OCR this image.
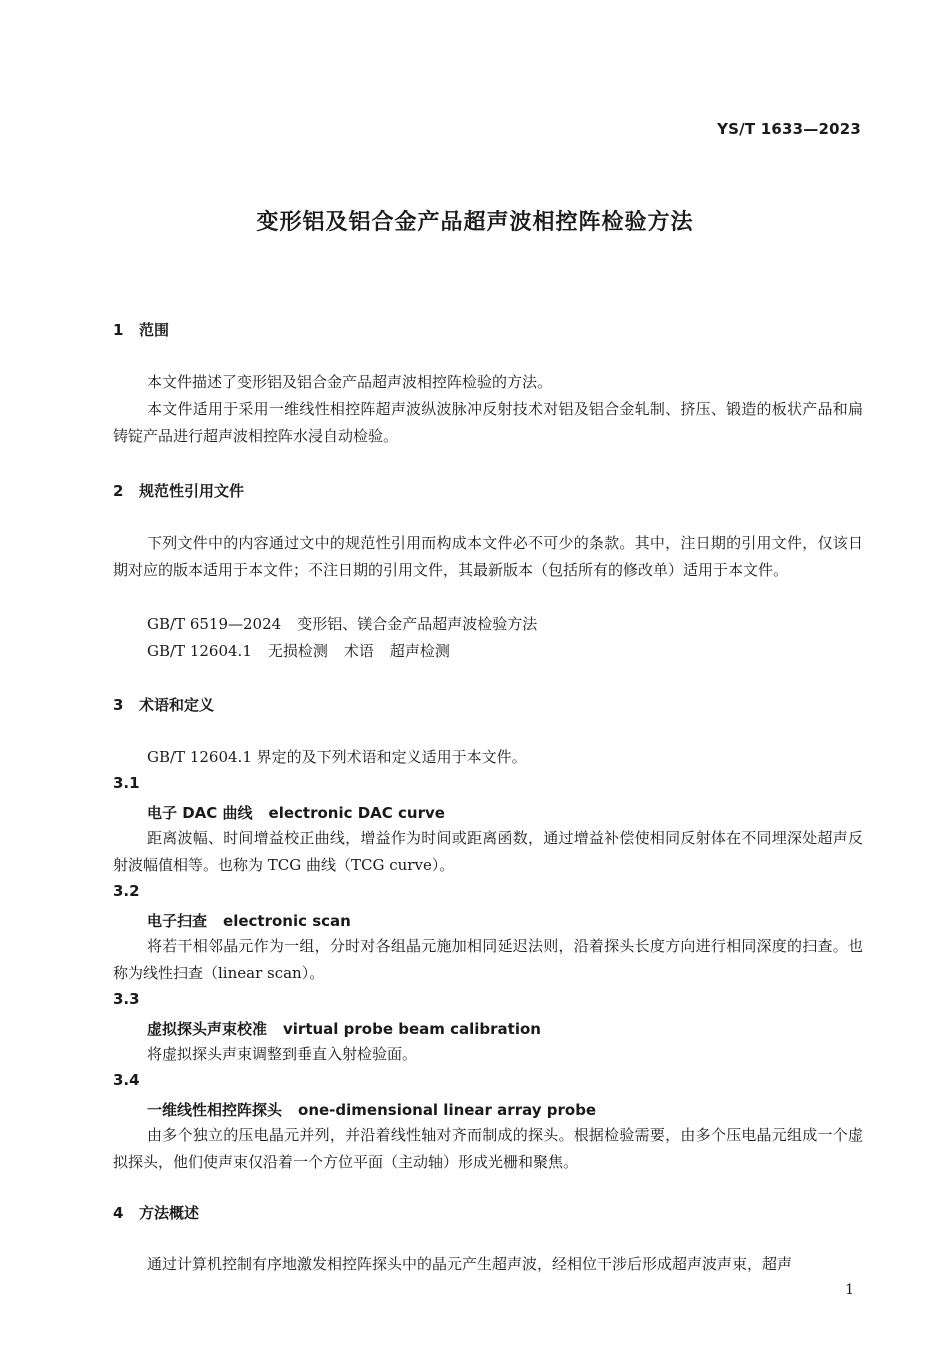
YS/T 1633—2023
变形铝及铝合金产品超声波相控阵检验方法
1 范围
本文件描述了变形铝及铝合金产品超声波相控阵检验的方法。
本文件适用于采用一维线性相控阵超声波纵波脉冲反射技术对铝及铝合金轧制、挤压、锻造的板状产品和扁铸锭产品进行超声波相控阵水浸自动检验。
2 规范性引用文件
下列文件中的内容通过文中的规范性引用而构成本文件必不可少的条款。其中，注日期的引用文件，仅该日期对应的版本适用于本文件；不注日期的引用文件，其最新版本（包括所有的修改单）适用于本文件。
GB/T 6519—2024 变形铝、镁合金产品超声波检验方法
GB/T 12604.1 无损检测 术语 超声检测
3 术语和定义
GB/T 12604.1 界定的及下列术语和定义适用于本文件。
3.1
电子 DAC 曲线 electronic DAC curve
距离波幅、时间增益校正曲线，增益作为时间或距离函数，通过增益补偿使相同反射体在不同埋深处超声反射波幅值相等。也称为 TCG 曲线（TCG curve）。
3.2
电子扫查 electronic scan
将若干相邻晶元作为一组，分时对各组晶元施加相同延迟法则，沿着探头长度方向进行相同深度的扫查。也称为线性扫查（linear scan）。
3.3
虚拟探头声束校准 virtual probe beam calibration
将虚拟探头声束调整到垂直入射检验面。
3.4
一维线性相控阵探头 one-dimensional linear array probe
由多个独立的压电晶元并列，并沿着线性轴对齐而制成的探头。根据检验需要，由多个压电晶元组成一个虚拟探头，他们使声束仅沿着一个方位平面（主动轴）形成光栅和聚焦。
4 方法概述
通过计算机控制有序地激发相控阵探头中的晶元产生超声波，经相位干涉后形成超声波声束，超声
1
